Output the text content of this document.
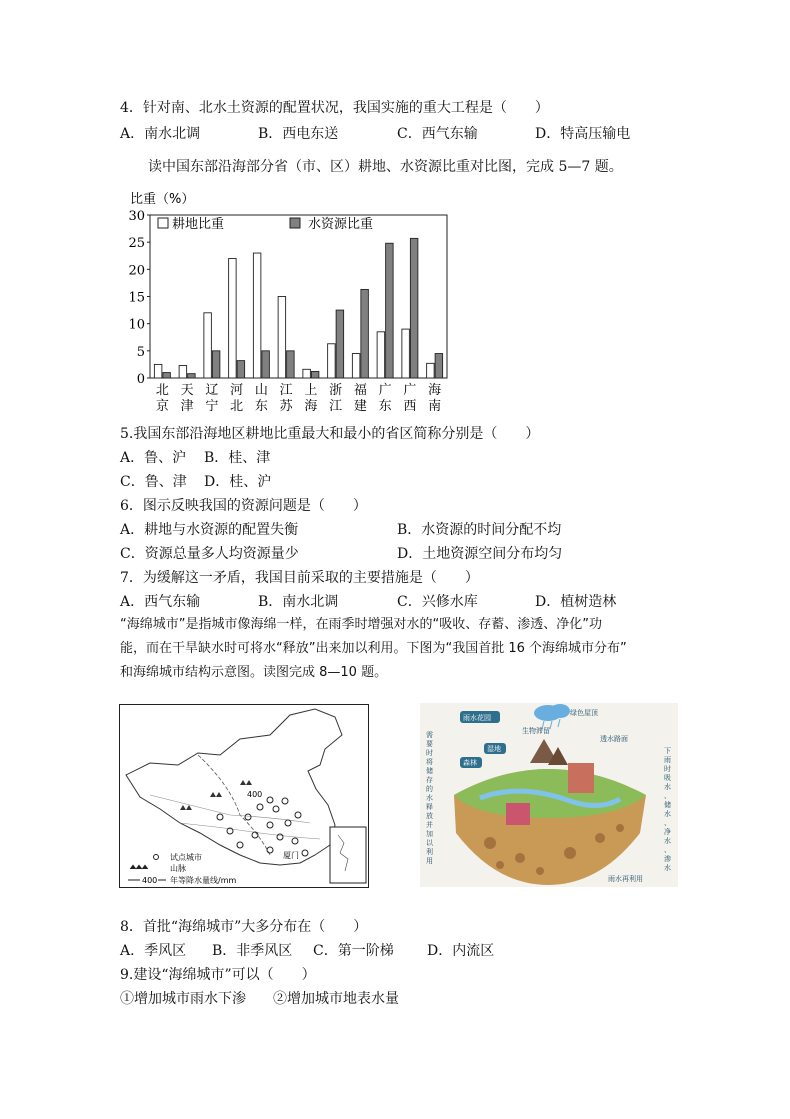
4．针对南、北水土资源的配置状况，我国实施的重大工程是（　　）
A．南水北调	B．西电东送	C．西气东输	D．特高压输电
读中国东部沿海部分省（市、区）耕地、水资源比重对比图，完成 5—7 题。
比重（%）
0
5
10
15
20
25
30
北
京
天
津
辽
宁
河
北
山
东
江
苏
上
海
浙
江
福
建
广
东
广
西
海
南
耕地比重	水资源比重
5.我国东部沿海地区耕地比重最大和最小的省区简称分别是（　　）
A．鲁、沪 B．桂、津
C．鲁、津 D．桂、沪
6．图示反映我国的资源问题是（　　）
A．耕地与水资源的配置失衡	B．水资源的时间分配不均
C．资源总量多人均资源量少	D．土地资源空间分布均匀
7．为缓解这一矛盾，我国目前采取的主要措施是（　　）
A．西气东输	B．南水北调	C．兴修水库	D．植树造林
“海绵城市”是指城市像海绵一样，在雨季时增强对水的“吸收、存蓄、渗透、净化”功
能，而在干旱缺水时可将水“释放”出来加以利用。下图为“我国首批 16 个海绵城市分布”
和海绵城市结构示意图。读图完成 8—10 题。
400
厦门
试点城市
山脉
400 年等降水量线/mm
雨水花园
绿色屋顶
生物滞留
湿地
森林
透水路面
雨水再利用
需
要
时
将
储
存
的
水
释
放
并
加
以
利
用
下
雨
时
吸
水
、
储
水
、
净
水
、
渗
水
8．首批“海绵城市”大多分布在（　　）
A．季风区 B．非季风区 C．第一阶梯 D．内流区
9.建设“海绵城市”可以（　　）
①增加城市雨水下渗 ②增加城市地表水量
